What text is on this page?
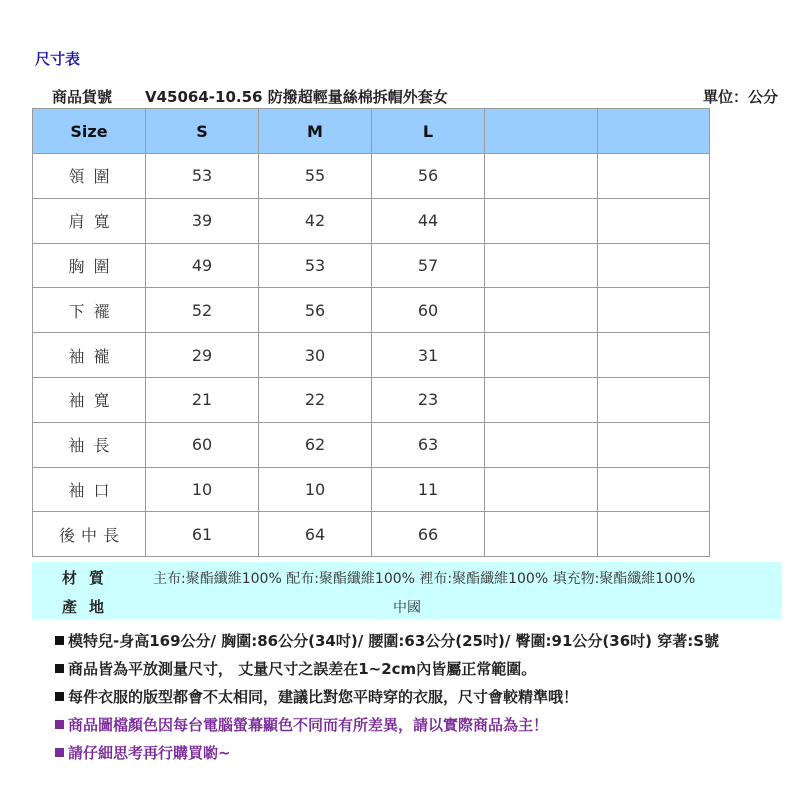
尺寸表
商品貨號 V45064-10.56 防撥超輕量絲棉拆帽外套女	單位：公分
Size	S	M	L		
領圍	53	55	56		
肩寬	39	42	44		
胸圍	49	53	57		
下襬	52	56	60		
袖襱	29	30	31		
袖寬	21	22	23		
袖長	60	62	63		
袖口	10	10	11		
後中長	61	64	66		
材質	主布:聚酯纖維100% 配布:聚酯纖維100% 裡布:聚酯纖維100% 填充物:聚酯纖維100%
產地	中國
模特兒-身高169公分/ 胸圍:86公分(34吋)/ 腰圍:63公分(25吋)/ 臀圍:91公分(36吋) 穿著:S號
商品皆為平放測量尺寸， 丈量尺寸之誤差在1~2cm內皆屬正常範圍。
每件衣服的版型都會不太相同，建議比對您平時穿的衣服，尺寸會較精準哦！
商品圖檔顏色因每台電腦螢幕顯色不同而有所差異，請以實際商品為主！
請仔細思考再行購買喲~
